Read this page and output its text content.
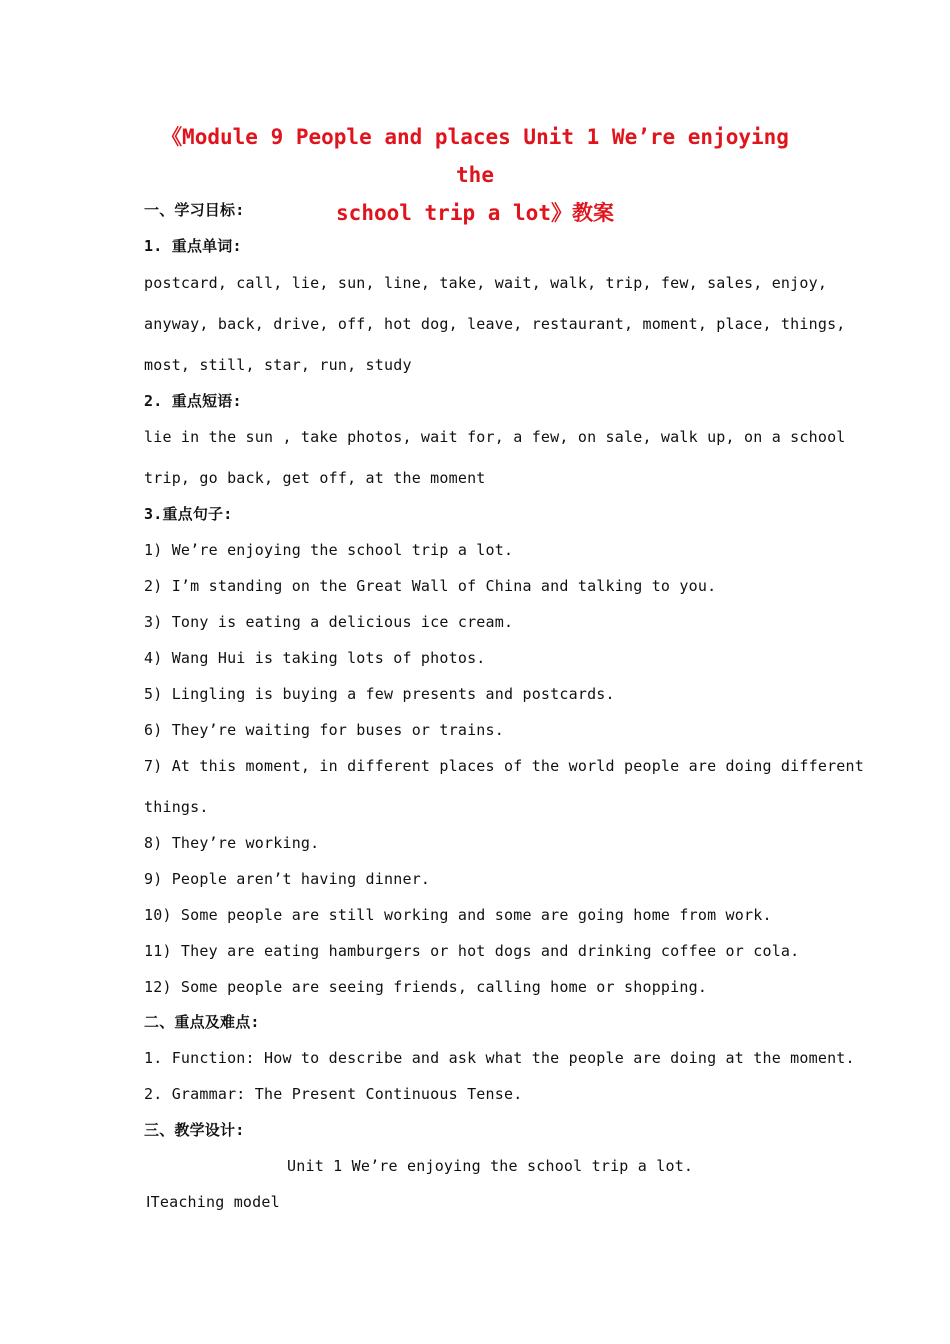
《Module 9 People and places Unit 1 We’re enjoying the
school trip a lot》教案
一、学习目标:
1. 重点单词:
postcard, call, lie, sun, line, take, wait, walk, trip, few, sales, enjoy,
anyway, back, drive, off, hot dog, leave, restaurant, moment, place, things,
most, still, star, run, study
2. 重点短语:
lie in the sun , take photos, wait for, a few, on sale, walk up, on a school
trip, go back, get off, at the moment
3.重点句子:
1) We’re enjoying the school trip a lot.
2) I’m standing on the Great Wall of China and talking to you.
3) Tony is eating a delicious ice cream.
4) Wang Hui is taking lots of photos.
5) Lingling is buying a few presents and postcards.
6) They’re waiting for buses or trains.
7) At this moment, in different places of the world people are doing different
things.
8) They’re working.
9) People aren’t having dinner.
10) Some people are still working and some are going home from work.
11) They are eating hamburgers or hot dogs and drinking coffee or cola.
12) Some people are seeing friends, calling home or shopping.
二、重点及难点:
1. Function: How to describe and ask what the people are doing at the moment.
2. Grammar: The Present Continuous Tense.
三、教学设计:
Unit 1 We’re enjoying the school trip a lot.
ⅠTeaching model
